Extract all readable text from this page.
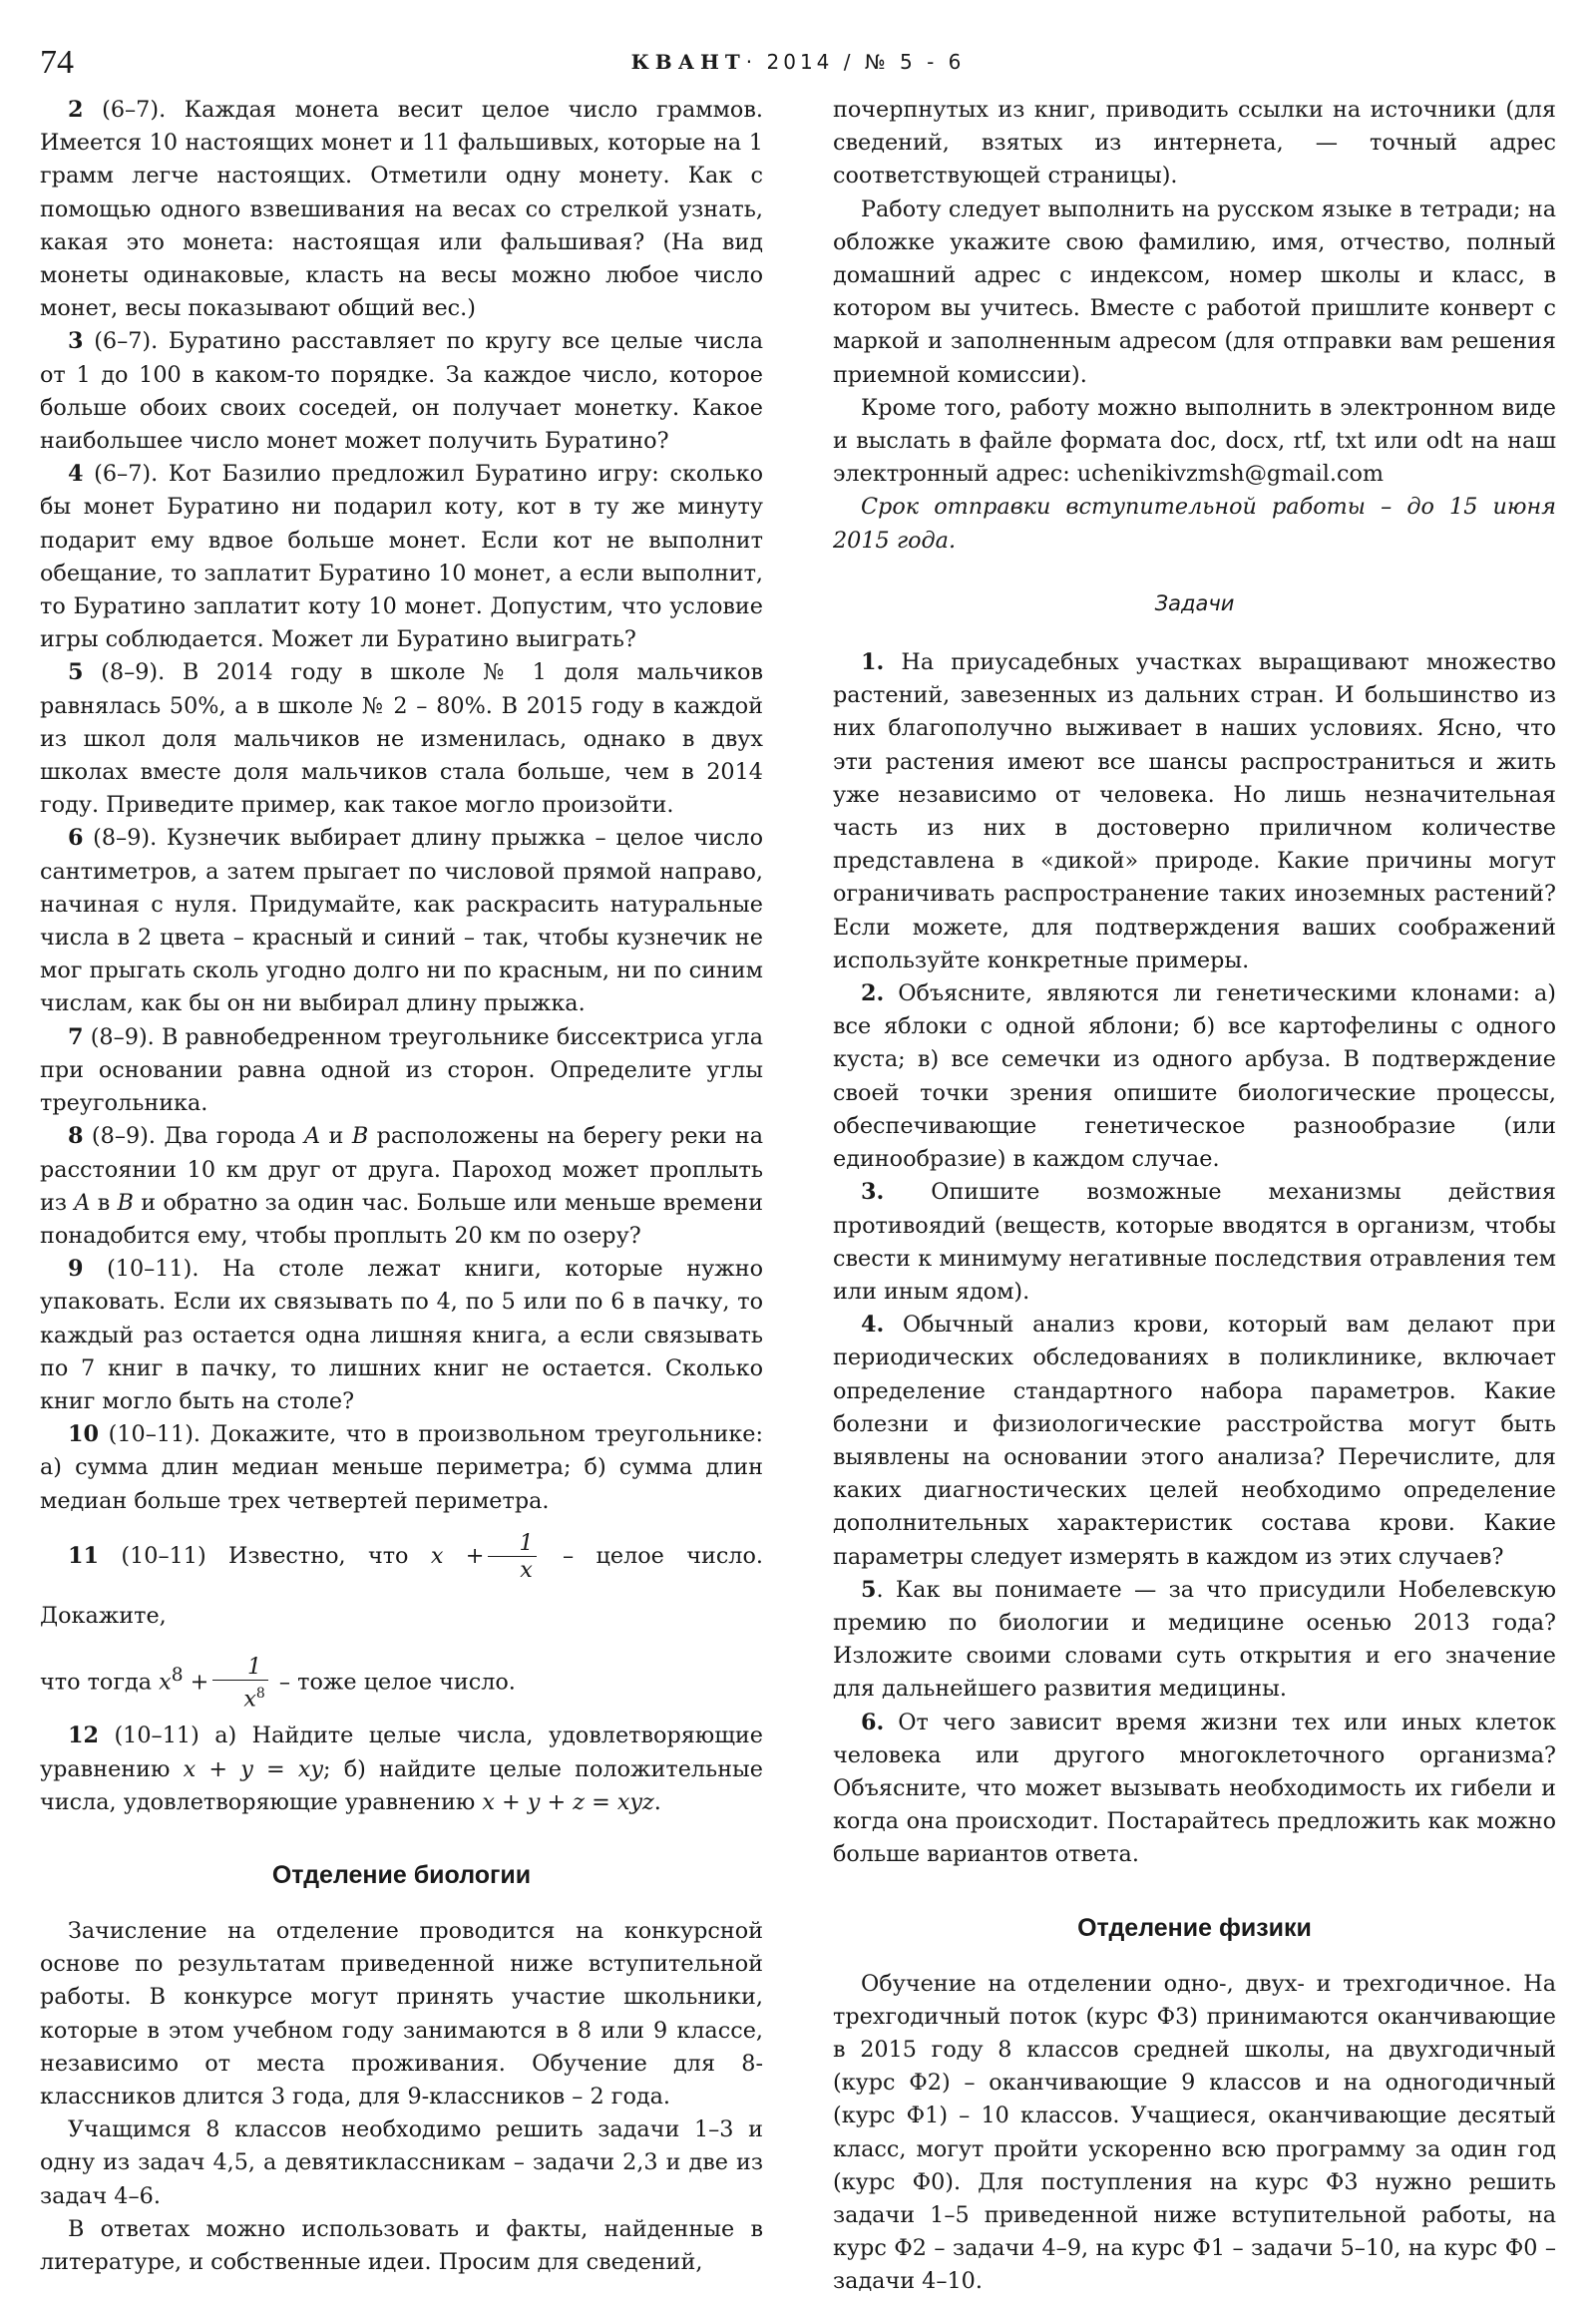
74	КВАНТ· 2014 / № 5 - 6

2 (6–7). Каждая монета весит целое число граммов. Имеется 10 настоящих монет и 11 фальшивых, которые на 1 грамм легче настоящих. Отметили одну монету. Как с помощью одного взвешивания на весах со стрелкой узнать, какая это монета: настоящая или фальшивая? (На вид монеты одинаковые, класть на весы можно любое число монет, весы показывают общий вес.)

3 (6–7). Буратино расставляет по кругу все целые числа от 1 до 100 в каком-то порядке. За каждое число, которое больше обоих своих соседей, он получает монетку. Какое наибольшее число монет может получить Буратино?

4 (6–7). Кот Базилио предложил Буратино игру: сколько бы монет Буратино ни подарил коту, кот в ту же минуту подарит ему вдвое больше монет. Если кот не выполнит обещание, то заплатит Буратино 10 монет, а если выполнит, то Буратино заплатит коту 10 монет. Допустим, что условие игры соблюдается. Может ли Буратино выиграть?

5 (8–9). В 2014 году в школе № 1 доля мальчиков равнялась 50%, а в школе № 2 – 80%. В 2015 году в каждой из школ доля мальчиков не изменилась, однако в двух школах вместе доля мальчиков стала больше, чем в 2014 году. Приведите пример, как такое могло произойти.

6 (8–9). Кузнечик выбирает длину прыжка – целое число сантиметров, а затем прыгает по числовой прямой направо, начиная с нуля. Придумайте, как раскрасить натуральные числа в 2 цвета – красный и синий – так, чтобы кузнечик не мог прыгать сколь угодно долго ни по красным, ни по синим числам, как бы он ни выбирал длину прыжка.

7 (8–9). В равнобедренном треугольнике биссектриса угла при основании равна одной из сторон. Определите углы треугольника.

8 (8–9). Два города A и B расположены на берегу реки на расстоянии 10 км друг от друга. Пароход может проплыть из A в B и обратно за один час. Больше или меньше времени понадобится ему, чтобы проплыть 20 км по озеру?

9 (10–11). На столе лежат книги, которые нужно упаковать. Если их связывать по 4, по 5 или по 6 в пачку, то каждый раз остается одна лишняя книга, а если связывать по 7 книг в пачку, то лишних книг не остается. Сколько книг могло быть на столе?

10 (10–11). Докажите, что в произвольном треугольнике: а) сумма длин медиан меньше периметра; б) сумма длин медиан больше трех четвертей периметра.

11 (10–11) Известно, что $x + \frac{1}{x}$ – целое число. Докажите,
что тогда $x^8 + \frac{1}{x^8}$ – тоже целое число.

12 (10–11) а) Найдите целые числа, удовлетворяющие уравнению x + y = xy; б) найдите целые положительные числа, удовлетворяющие уравнению x + y + z = xyz.

Отделение биологии

Зачисление на отделение проводится на конкурсной основе по результатам приведенной ниже вступительной работы. В конкурсе могут принять участие школьники, которые в этом учебном году занимаются в 8 или 9 классе, независимо от места проживания. Обучение для 8-классников длится 3 года, для 9-классников – 2 года.

Учащимся 8 классов необходимо решить задачи 1–3 и одну из задач 4,5, а девятиклассникам – задачи 2,3 и две из задач 4–6.

В ответах можно использовать и факты, найденные в литературе, и собственные идеи. Просим для сведений,

почерпнутых из книг, приводить ссылки на источники (для сведений, взятых из интернета, — точный адрес соответствующей страницы).

Работу следует выполнить на русском языке в тетради; на обложке укажите свою фамилию, имя, отчество, полный домашний адрес с индексом, номер школы и класс, в котором вы учитесь. Вместе с работой пришлите конверт с маркой и заполненным адресом (для отправки вам решения приемной комиссии).

Кроме того, работу можно выполнить в электронном виде и выслать в файле формата doc, docx, rtf, txt или odt на наш электронный адрес: uchenikivzmsh@gmail.com

Срок отправки вступительной работы – до 15 июня 2015 года.

Задачи

1. На приусадебных участках выращивают множество растений, завезенных из дальних стран. И большинство из них благополучно выживает в наших условиях. Ясно, что эти растения имеют все шансы распространиться и жить уже независимо от человека. Но лишь незначительная часть из них в достоверно приличном количестве представлена в «дикой» природе. Какие причины могут ограничивать распространение таких иноземных растений? Если можете, для подтверждения ваших соображений используйте конкретные примеры.

2. Объясните, являются ли генетическими клонами: а) все яблоки с одной яблони; б) все картофелины с одного куста; в) все семечки из одного арбуза. В подтверждение своей точки зрения опишите биологические процессы, обеспечивающие генетическое разнообразие (или единообразие) в каждом случае.

3. Опишите возможные механизмы действия противоядий (веществ, которые вводятся в организм, чтобы свести к минимуму негативные последствия отравления тем или иным ядом).

4. Обычный анализ крови, который вам делают при периодических обследованиях в поликлинике, включает определение стандартного набора параметров. Какие болезни и физиологические расстройства могут быть выявлены на основании этого анализа? Перечислите, для каких диагностических целей необходимо определение дополнительных характеристик состава крови. Какие параметры следует измерять в каждом из этих случаев?

5. Как вы понимаете — за что присудили Нобелевскую премию по биологии и медицине осенью 2013 года? Изложите своими словами суть открытия и его значение для дальнейшего развития медицины.

6. От чего зависит время жизни тех или иных клеток человека или другого многоклеточного организма? Объясните, что может вызывать необходимость их гибели и когда она происходит. Постарайтесь предложить как можно больше вариантов ответа.

Отделение физики

Обучение на отделении одно-, двух- и трехгодичное. На трехгодичный поток (курс Ф3) принимаются оканчивающие в 2015 году 8 классов средней школы, на двухгодичный (курс Ф2) – оканчивающие 9 классов и на одногодичный (курс Ф1) – 10 классов. Учащиеся, оканчивающие десятый класс, могут пройти ускоренно всю программу за один год (курс Ф0). Для поступления на курс Ф3 нужно решить задачи 1–5 приведенной ниже вступительной работы, на курс Ф2 – задачи 4–9, на курс Ф1 – задачи 5–10, на курс Ф0 – задачи 4–10.
